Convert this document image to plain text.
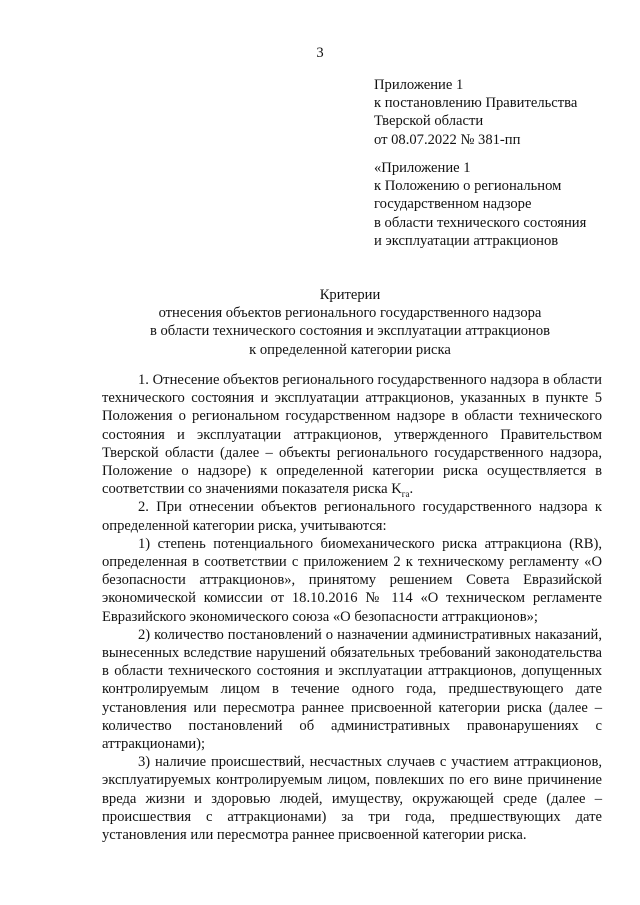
3
Приложение 1
к постановлению Правительства
Тверской области
от 08.07.2022 № 381-пп
«Приложение 1
к Положению о региональном
государственном надзоре
в области технического состояния
и эксплуатации аттракционов
Критерии
отнесения объектов регионального государственного надзора
в области технического состояния и эксплуатации аттракционов
к определенной категории риска

1. Отнесение объектов регионального государственного надзора в области технического состояния и эксплуатации аттракционов, указанных в пункте 5 Положения о региональном государственном надзоре в области технического состояния и эксплуатации аттракционов, утвержденного Правительством Тверской области (далее – объекты регионального государственного надзора, Положение о надзоре) к определенной категории риска осуществляется в соответствии со значениями показателя риска $K_{га}$.

2. При отнесении объектов регионального государственного надзора к определенной категории риска, учитываются:

1) степень потенциального биомеханического риска аттракциона (RB), определенная в соответствии с приложением 2 к техническому регламенту «О безопасности аттракционов», принятому решением Совета Евразийской экономической комиссии от 18.10.2016 № 114 «О техническом регламенте Евразийского экономического союза «О безопасности аттракционов»;

2) количество постановлений о назначении административных наказаний, вынесенных вследствие нарушений обязательных требований законодательства в области технического состояния и эксплуатации аттракционов, допущенных контролируемым лицом в течение одного года, предшествующего дате установления или пересмотра раннее присвоенной категории риска (далее – количество постановлений об административных правонарушениях с аттракционами);

3) наличие происшествий, несчастных случаев с участием аттракционов, эксплуатируемых контролируемым лицом, повлекших по его вине причинение вреда жизни и здоровью людей, имуществу, окружающей среде (далее – происшествия с аттракционами) за три года, предшествующих дате установления или пересмотра раннее присвоенной категории риска.
